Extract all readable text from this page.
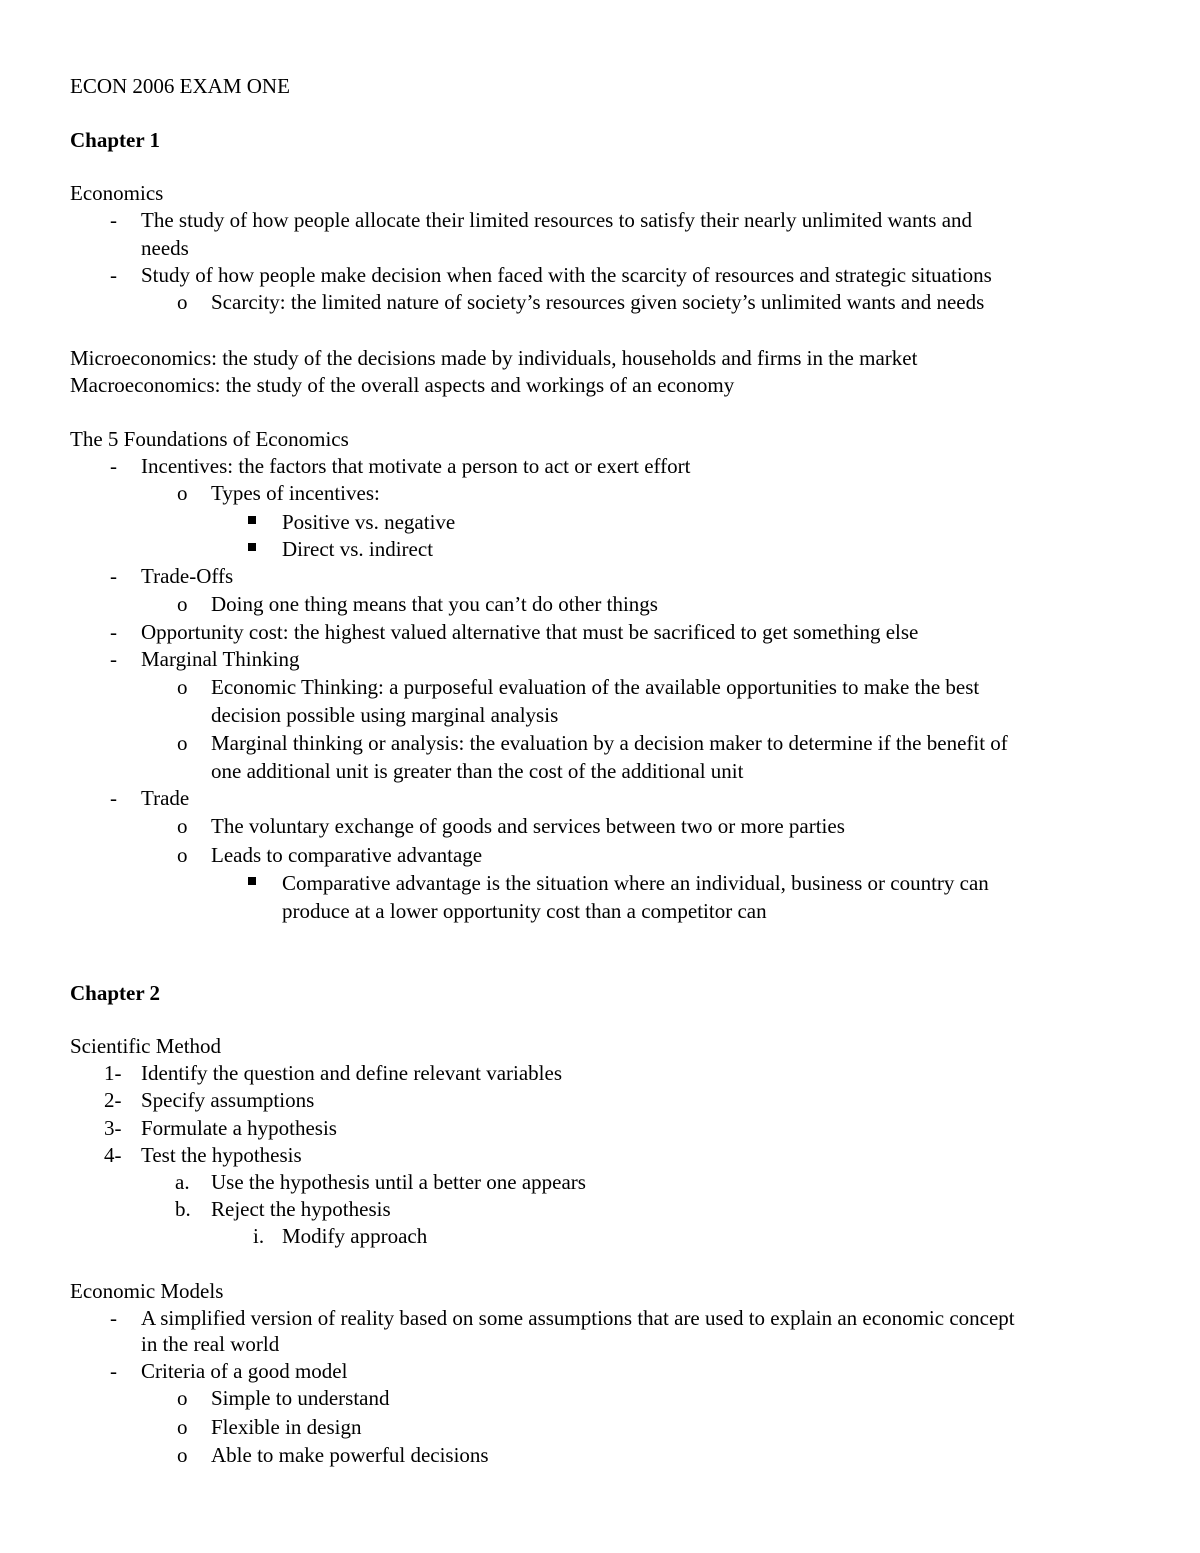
ECON 2006 EXAM ONE
Chapter 1
Economics
- The study of how people allocate their limited resources to satisfy their nearly unlimited wants and
needs
- Study of how people make decision when faced with the scarcity of resources and strategic situations
o Scarcity: the limited nature of society’s resources given society’s unlimited wants and needs
Microeconomics: the study of the decisions made by individuals, households and firms in the market
Macroeconomics: the study of the overall aspects and workings of an economy
The 5 Foundations of Economics
- Incentives: the factors that motivate a person to act or exert effort
o Types of incentives:
Positive vs. negative
Direct vs. indirect
- Trade-Offs
o Doing one thing means that you can’t do other things
- Opportunity cost: the highest valued alternative that must be sacrificed to get something else
- Marginal Thinking
o Economic Thinking: a purposeful evaluation of the available opportunities to make the best
decision possible using marginal analysis
o Marginal thinking or analysis: the evaluation by a decision maker to determine if the benefit of
one additional unit is greater than the cost of the additional unit
- Trade
o The voluntary exchange of goods and services between two or more parties
o Leads to comparative advantage
Comparative advantage is the situation where an individual, business or country can
produce at a lower opportunity cost than a competitor can
Chapter 2
Scientific Method
1- Identify the question and define relevant variables
2- Specify assumptions
3- Formulate a hypothesis
4- Test the hypothesis
a. Use the hypothesis until a better one appears
b. Reject the hypothesis
i. Modify approach
Economic Models
- A simplified version of reality based on some assumptions that are used to explain an economic concept
in the real world
- Criteria of a good model
o Simple to understand
o Flexible in design
o Able to make powerful decisions
